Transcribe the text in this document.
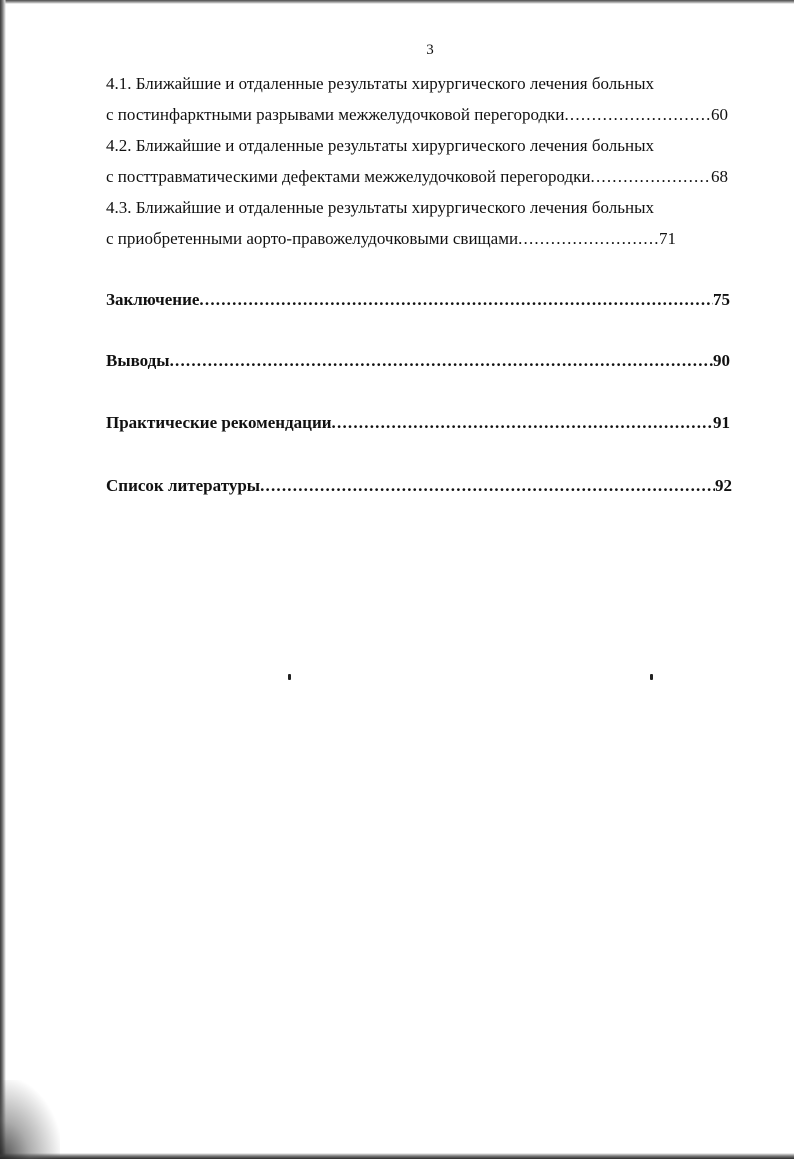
3
4.1. Ближайшие и отдаленные результаты хирургического лечения больных
с постинфарктными разрывами межжелудочковой перегородки .....	60
4.2. Ближайшие и отдаленные результаты хирургического лечения больных
с посттравматическими дефектами межжелудочковой перегородки .....	68
4.3. Ближайшие и отдаленные результаты хирургического лечения больных
с приобретенными аорто-правожелудочковыми свищами .....	71
Заключение .....	75
Выводы .....	90
Практические рекомендации .....	91
Список литературы .....	92
